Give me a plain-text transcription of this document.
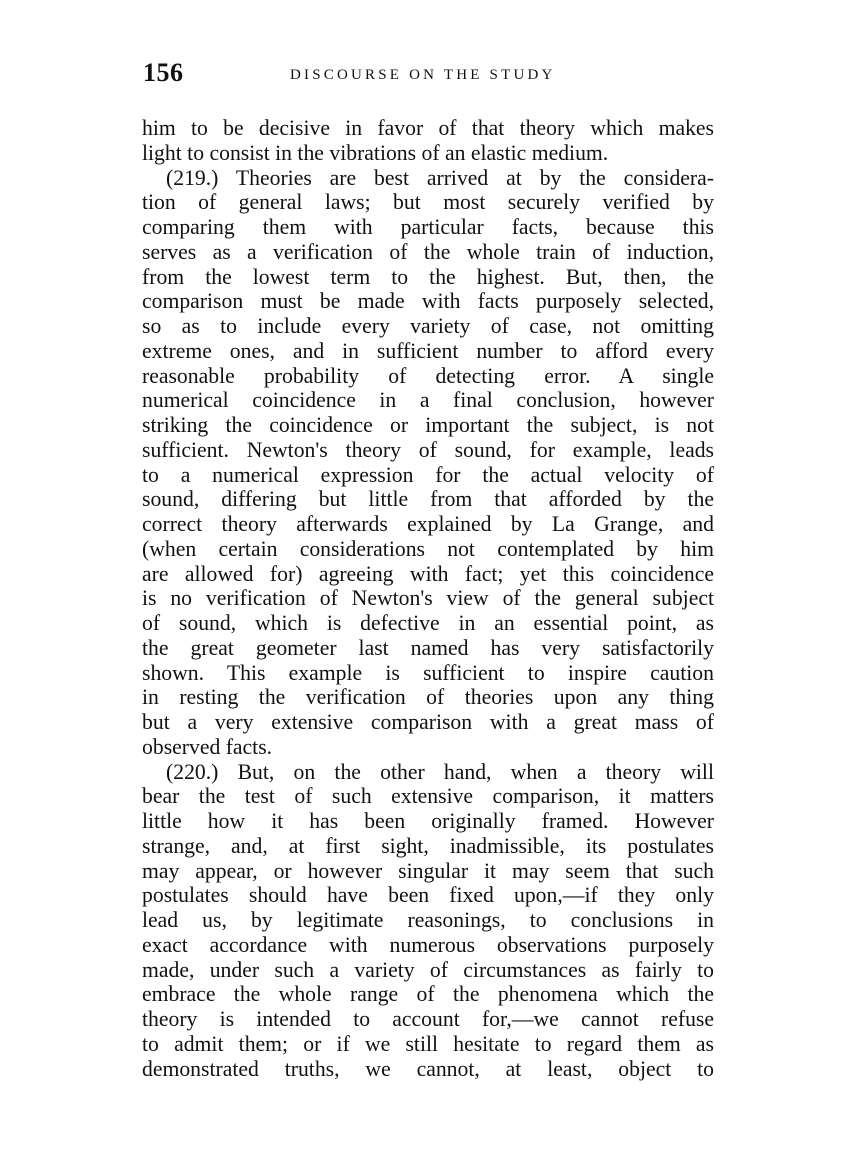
156	DISCOURSE ON THE STUDY
him to be decisive in favor of that theory which makes
light to consist in the vibrations of an elastic medium.
(219.) Theories are best arrived at by the considera-
tion of general laws; but most securely verified by
comparing them with particular facts, because this
serves as a verification of the whole train of induction,
from the lowest term to the highest. But, then, the
comparison must be made with facts purposely selected,
so as to include every variety of case, not omitting
extreme ones, and in sufficient number to afford every
reasonable probability of detecting error. A single
numerical coincidence in a final conclusion, however
striking the coincidence or important the subject, is not
sufficient. Newton's theory of sound, for example, leads
to a numerical expression for the actual velocity of
sound, differing but little from that afforded by the
correct theory afterwards explained by La Grange, and
(when certain considerations not contemplated by him
are allowed for) agreeing with fact; yet this coincidence
is no verification of Newton's view of the general subject
of sound, which is defective in an essential point, as
the great geometer last named has very satisfactorily
shown. This example is sufficient to inspire caution
in resting the verification of theories upon any thing
but a very extensive comparison with a great mass of
observed facts.
(220.) But, on the other hand, when a theory will
bear the test of such extensive comparison, it matters
little how it has been originally framed. However
strange, and, at first sight, inadmissible, its postulates
may appear, or however singular it may seem that such
postulates should have been fixed upon,—if they only
lead us, by legitimate reasonings, to conclusions in
exact accordance with numerous observations purposely
made, under such a variety of circumstances as fairly to
embrace the whole range of the phenomena which the
theory is intended to account for,—we cannot refuse
to admit them; or if we still hesitate to regard them as
demonstrated truths, we cannot, at least, object to
